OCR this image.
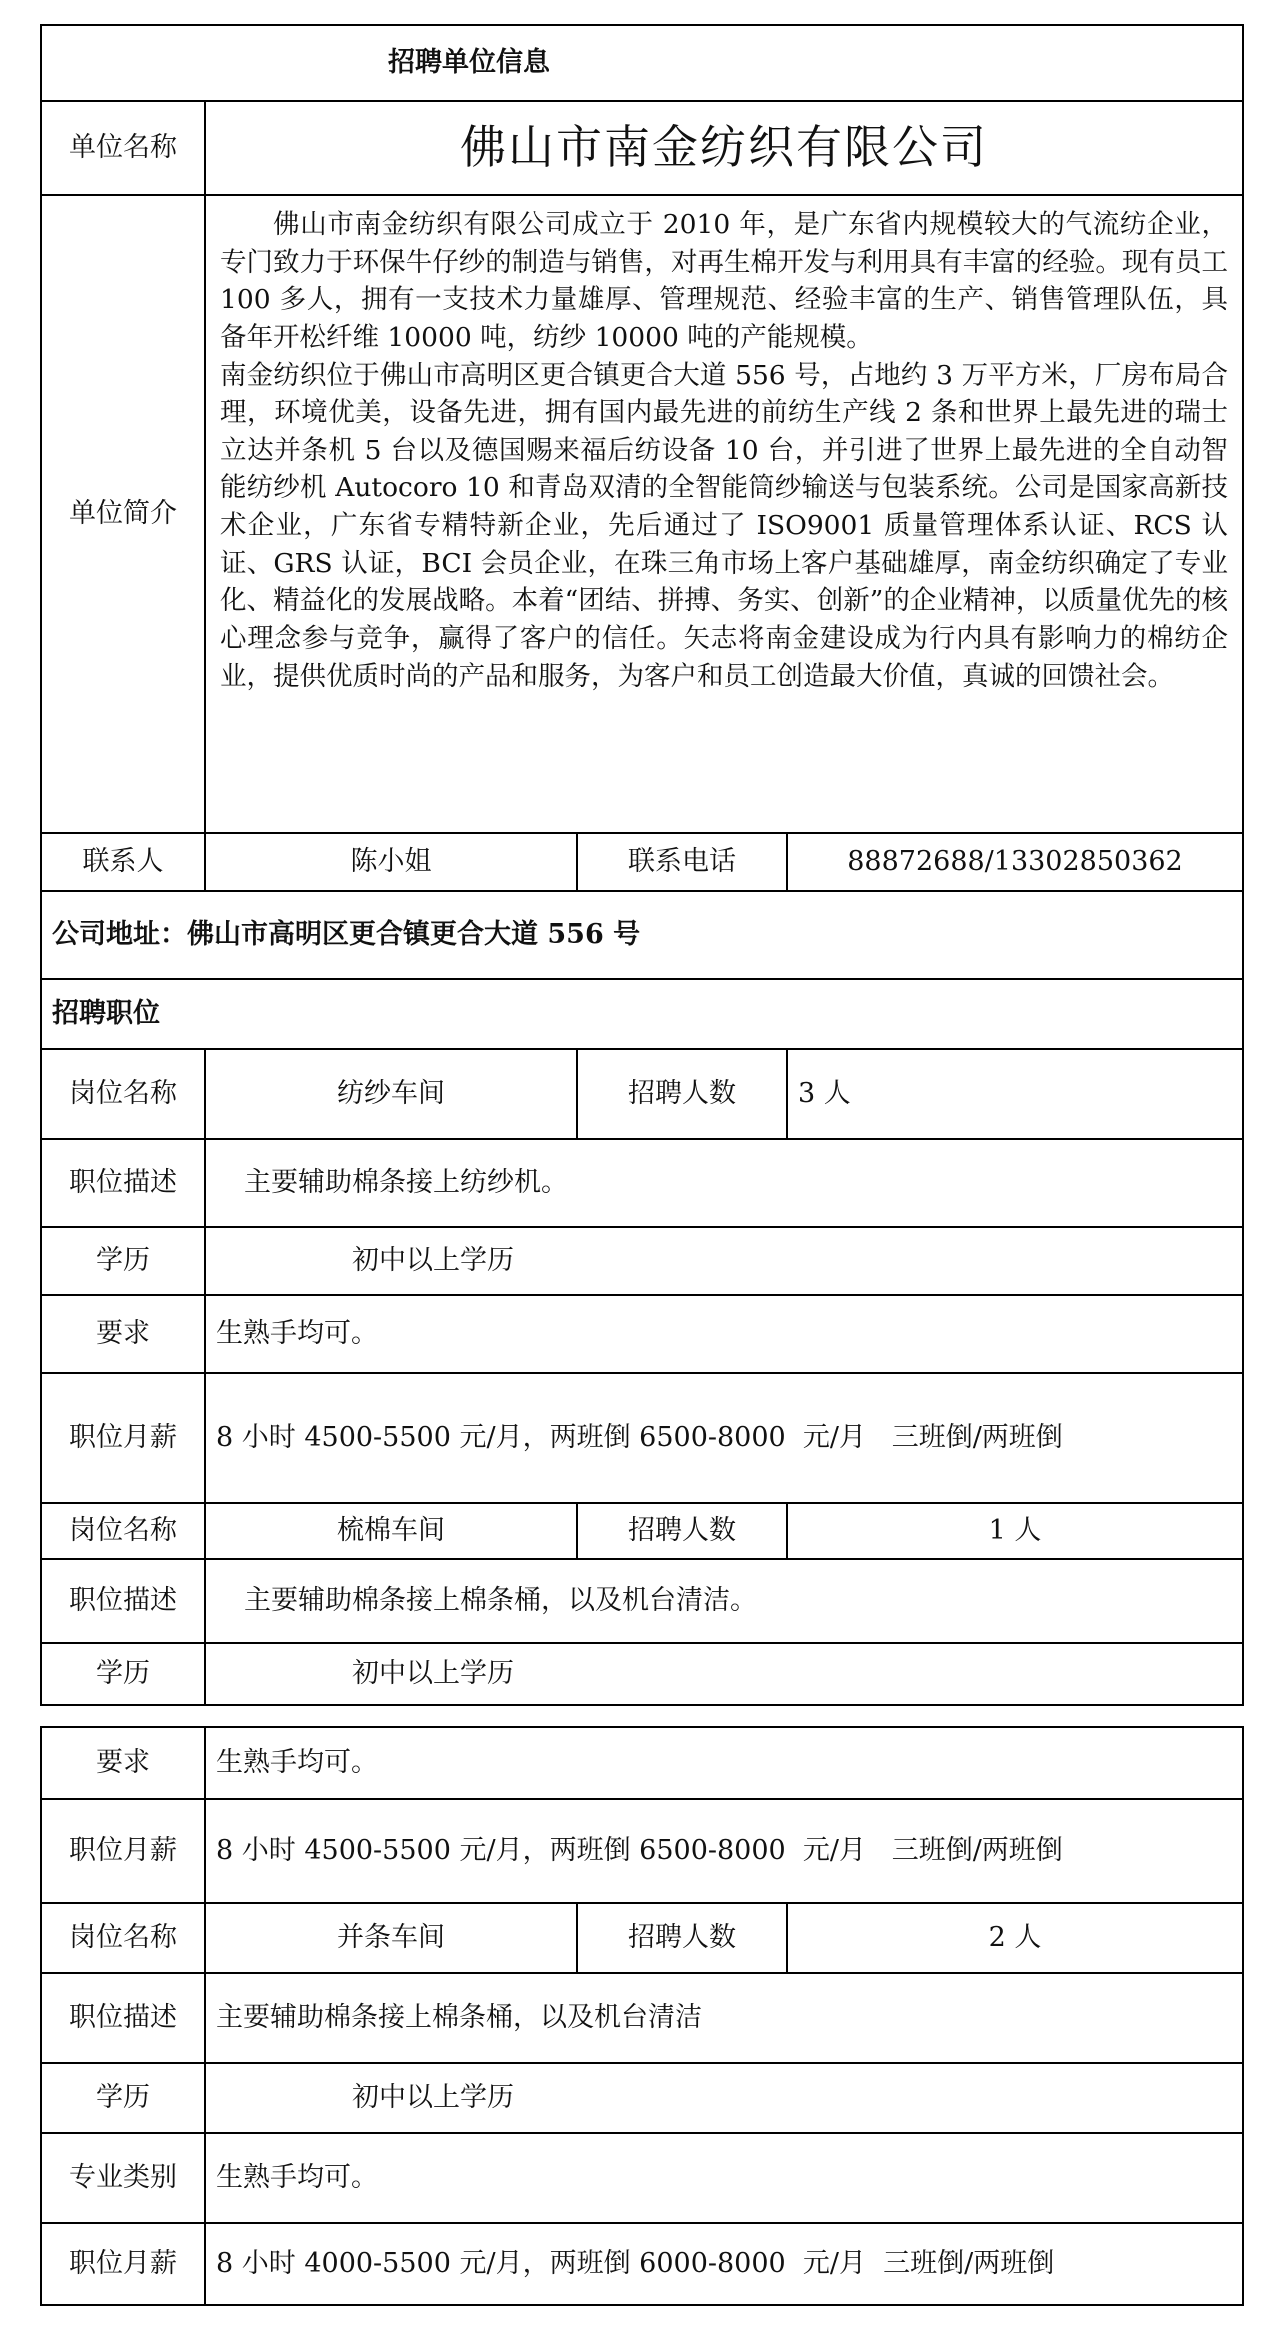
招聘单位信息
单位名称	佛山市南金纺织有限公司
单位简介

佛山市南金纺织有限公司成立于 2010 年，是广东省内规模较大的气流纺企业，专门致力于环保牛仔纱的制造与销售，对再生棉开发与利用具有丰富的经验。现有员工 100 多人，拥有一支技术力量雄厚、管理规范、经验丰富的生产、销售管理队伍，具备年开松纤维 10000 吨，纺纱 10000 吨的产能规模。

南金纺织位于佛山市高明区更合镇更合大道 556 号，占地约 3 万平方米，厂房布局合理，环境优美，设备先进，拥有国内最先进的前纺生产线 2 条和世界上最先进的瑞士立达并条机 5 台以及德国赐来福后纺设备 10 台，并引进了世界上最先进的全自动智能纺纱机 Autocoro 10 和青岛双清的全智能筒纱输送与包装系统。公司是国家高新技术企业，广东省专精特新企业，先后通过了 ISO9001 质量管理体系认证、RCS 认证、GRS 认证，BCI 会员企业，在珠三角市场上客户基础雄厚，南金纺织确定了专业化、精益化的发展战略。本着“团结、拼搏、务实、创新”的企业精神，以质量优先的核心理念参与竞争，赢得了客户的信任。矢志将南金建设成为行内具有影响力的棉纺企业，提供优质时尚的产品和服务，为客户和员工创造最大价值，真诚的回馈社会。

联系人	陈小姐	联系电话	88872688/13302850362
公司地址：佛山市高明区更合镇更合大道 556 号
招聘职位
岗位名称	纺纱车间	招聘人数	3 人
职位描述	主要辅助棉条接上纺纱机。
学历	初中以上学历
要求	生熟手均可。
职位月薪	8 小时 4500-5500 元/月，两班倒 6500-8000  元/月   三班倒/两班倒
岗位名称	梳棉车间	招聘人数	1 人
职位描述	主要辅助棉条接上棉条桶，以及机台清洁。
学历	初中以上学历
要求	生熟手均可。
职位月薪	8 小时 4500-5500 元/月，两班倒 6500-8000  元/月   三班倒/两班倒
岗位名称	并条车间	招聘人数	2 人
职位描述	主要辅助棉条接上棉条桶，以及机台清洁
学历	初中以上学历
专业类别	生熟手均可。
职位月薪	8 小时 4000-5500 元/月，两班倒 6000-8000  元/月  三班倒/两班倒
